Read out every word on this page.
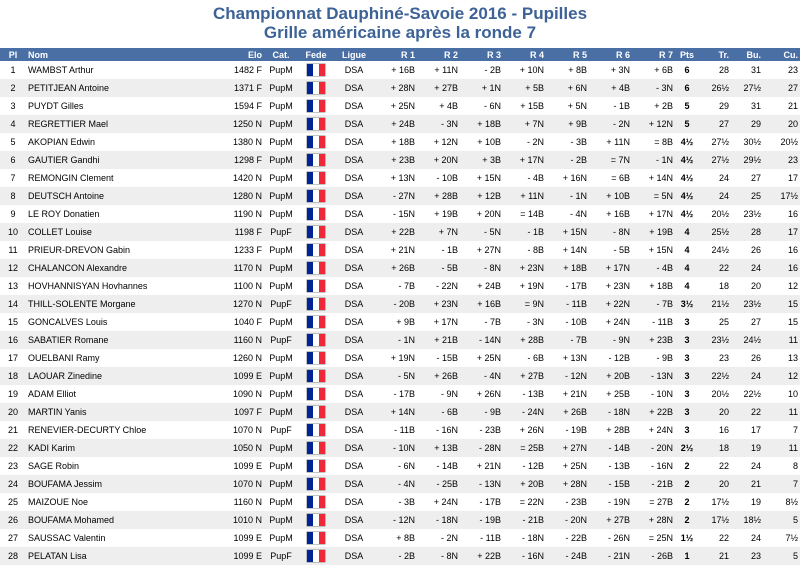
Championnat Dauphiné-Savoie 2016 - Pupilles
Grille américaine après la ronde 7
Pl	Nom	Elo	Cat.	Fede	Ligue	R 1	R 2	R 3	R 4	R 5	R 6	R 7	Pts	Tr.	Bu.	Cu.
1	WAMBST Arthur	1482 F	PupM		DSA	+ 16B	+ 11N	- 2B	+ 10N	+ 8B	+ 3N	+ 6B	6	28	31	23
2	PETITJEAN Antoine	1371 F	PupM		DSA	+ 28N	+ 27B	+ 1N	+ 5B	+ 6N	+ 4B	- 3N	6	26½	27½	27
3	PUYDT Gilles	1594 F	PupM		DSA	+ 25N	+ 4B	- 6N	+ 15B	+ 5N	- 1B	+ 2B	5	29	31	21
4	REGRETTIER Mael	1250 N	PupM		DSA	+ 24B	- 3N	+ 18B	+ 7N	+ 9B	- 2N	+ 12N	5	27	29	20
5	AKOPIAN Edwin	1380 N	PupM		DSA	+ 18B	+ 12N	+ 10B	- 2N	- 3B	+ 11N	= 8B	4½	27½	30½	20½
6	GAUTIER Gandhi	1298 F	PupM		DSA	+ 23B	+ 20N	+ 3B	+ 17N	- 2B	= 7N	- 1N	4½	27½	29½	23
7	REMONGIN Clement	1420 N	PupM		DSA	+ 13N	- 10B	+ 15N	- 4B	+ 16N	= 6B	+ 14N	4½	24	27	17
8	DEUTSCH Antoine	1280 N	PupM		DSA	- 27N	+ 28B	+ 12B	+ 11N	- 1N	+ 10B	= 5N	4½	24	25	17½
9	LE ROY Donatien	1190 N	PupM		DSA	- 15N	+ 19B	+ 20N	= 14B	- 4N	+ 16B	+ 17N	4½	20½	23½	16
10	COLLET Louise	1198 F	PupF		DSA	+ 22B	+ 7N	- 5N	- 1B	+ 15N	- 8N	+ 19B	4	25½	28	17
11	PRIEUR-DREVON Gabin	1233 F	PupM		DSA	+ 21N	- 1B	+ 27N	- 8B	+ 14N	- 5B	+ 15N	4	24½	26	16
12	CHALANCON Alexandre	1170 N	PupM		DSA	+ 26B	- 5B	- 8N	+ 23N	+ 18B	+ 17N	- 4B	4	22	24	16
13	HOVHANNISYAN Hovhannes	1100 N	PupM		DSA	- 7B	- 22N	+ 24B	+ 19N	- 17B	+ 23N	+ 18B	4	18	20	12
14	THILL-SOLENTE Morgane	1270 N	PupF		DSA	- 20B	+ 23N	+ 16B	= 9N	- 11B	+ 22N	- 7B	3½	21½	23½	15
15	GONCALVES Louis	1040 F	PupM		DSA	+ 9B	+ 17N	- 7B	- 3N	- 10B	+ 24N	- 11B	3	25	27	15
16	SABATIER Romane	1160 N	PupF		DSA	- 1N	+ 21B	- 14N	+ 28B	- 7B	- 9N	+ 23B	3	23½	24½	11
17	OUELBANI Ramy	1260 N	PupM		DSA	+ 19N	- 15B	+ 25N	- 6B	+ 13N	- 12B	- 9B	3	23	26	13
18	LAOUAR Zinedine	1099 E	PupM		DSA	- 5N	+ 26B	- 4N	+ 27B	- 12N	+ 20B	- 13N	3	22½	24	12
19	ADAM Elliot	1090 N	PupM		DSA	- 17B	- 9N	+ 26N	- 13B	+ 21N	+ 25B	- 10N	3	20½	22½	10
20	MARTIN Yanis	1097 F	PupM		DSA	+ 14N	- 6B	- 9B	- 24N	+ 26B	- 18N	+ 22B	3	20	22	11
21	RENEVIER-DECURTY Chloe	1070 N	PupF		DSA	- 11B	- 16N	- 23B	+ 26N	- 19B	+ 28B	+ 24N	3	16	17	7
22	KADI Karim	1050 N	PupM		DSA	- 10N	+ 13B	- 28N	= 25B	+ 27N	- 14B	- 20N	2½	18	19	11
23	SAGE Robin	1099 E	PupM		DSA	- 6N	- 14B	+ 21N	- 12B	+ 25N	- 13B	- 16N	2	22	24	8
24	BOUFAMA Jessim	1070 N	PupM		DSA	- 4N	- 25B	- 13N	+ 20B	+ 28N	- 15B	- 21B	2	20	21	7
25	MAIZOUE Noe	1160 N	PupM		DSA	- 3B	+ 24N	- 17B	= 22N	- 23B	- 19N	= 27B	2	17½	19	8½
26	BOUFAMA Mohamed	1010 N	PupM		DSA	- 12N	- 18N	- 19B	- 21B	- 20N	+ 27B	+ 28N	2	17½	18½	5
27	SAUSSAC Valentin	1099 E	PupM		DSA	+ 8B	- 2N	- 11B	- 18N	- 22B	- 26N	= 25N	1½	22	24	7½
28	PELATAN Lisa	1099 E	PupF		DSA	- 2B	- 8N	+ 22B	- 16N	- 24B	- 21N	- 26B	1	21	23	5
